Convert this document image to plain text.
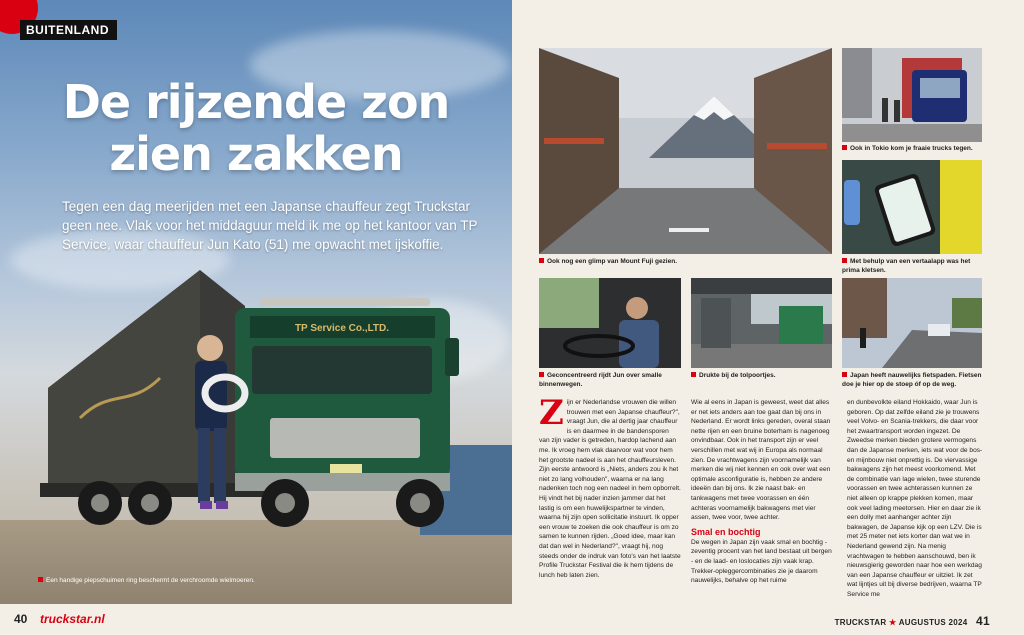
TP Service Co.,LTD.
BUITENLAND
De rijzende zon
zien zakken
Tegen een dag meerijden met een Japanse chauffeur zegt Truckstar geen nee. Vlak voor het middaguur meld ik me op het kantoor van TP Service, waar chauffeur Jun Kato (51) me opwacht met ijskoffie.
Een handige piepschuimen ring beschermt de verchroomde wielmoeren.
Ook nog een glimp van Mount Fuji gezien.
Ook in Tokio kom je fraaie trucks tegen.
Met behulp van een vertaalapp was het prima kletsen.
Geconcentreerd rijdt Jun over smalle binnenwegen.
Drukte bij de tolpoortjes.	Japan heeft nauwelijks fietspaden. Fietsen doe je hier op de stoep óf op de weg.
Zijn er Nederlandse vrouwen die willen trouwen met een Japanse chauffeur?", vraagt Jun, die al dertig jaar chauffeur is en daarmee in de bandensporen van zijn vader is getreden, hardop lachend aan me. Ik vroeg hem vlak daarvoor wat voor hem het grootste nadeel is aan het chauffeursleven. Zijn eerste antwoord is „Niets, anders zou ik het niet zo lang volhouden", waarna er na lang nadenken toch nog een nadeel in hem opborrelt. Hij vindt het bij nader inzien jammer dat het lastig is om een huwelijkspartner te vinden, waarna hij zijn open sollicitatie instuurt. Ik opper een vrouw te zoeken die ook chauffeur is om zo samen te kunnen rijden. „Goed idee, maar kan dat dan wel in Nederland?", vraagt hij, nog steeds onder de indruk van foto's van het laatste Profile Truckstar Festival die ik hem tijdens de lunch heb laten zien.

Wie al eens in Japan is geweest, weet dat alles er net iets anders aan toe gaat dan bij ons in Nederland. Er wordt links gereden, overal staan nette rijen en een bruine boterham is nagenoeg onvindbaar. Ook in het transport zijn er veel verschillen met wat wij in Europa als normaal zien. De vrachtwagens zijn voornamelijk van merken die wij niet kennen en ook over wat een optimale asconfiguratie is, hebben ze andere ideeën dan bij ons. Ik zie naast bak- en tankwagens met twee voorassen en één achteras voornamelijk bakwagens met vier assen, twee voor, twee achter.

Smal en bochtig

De wegen in Japan zijn vaak smal en bochtig - zeventig procent van het land bestaat uit bergen - en de laad- en loslocaties zijn vaak krap. Trekker-opleggercombinaties zie je daarom nauwelijks, behalve op het ruime

en dunbevolkte eiland Hokkaido, waar Jun is geboren. Op dat zelfde eiland zie je trouwens veel Volvo- en Scania-trekkers, die daar voor het zwaartransport worden ingezet. De Zweedse merken bieden grotere vermogens dan de Japanse merken, iets wat voor de bos- en mijnbouw niet onprettig is. De viervassige bakwagens zijn het meest voorkomend. Met de combinatie van lage wielen, twee sturende voorassen en twee achterassen kunnen ze niet alleen op krappe plekken komen, maar ook veel lading meetorsen. Hier en daar zie ik een dolly met aanhanger achter zijn bakwagen, de Japanse kijk op een LZV. Die is met 25 meter net iets korter dan wat we in Nederland gewend zijn. Na menig vrachtwagen te hebben aanschouwd, ben ik nieuwsgierig geworden naar hoe een werkdag van een Japanse chauffeur er uitziet. Ik zet wat lijntjes uit bij diverse bedrijven, waarna TP Service me

40 truckstar.nl	TRUCKSTAR ★ AUGUSTUS 2024 41
